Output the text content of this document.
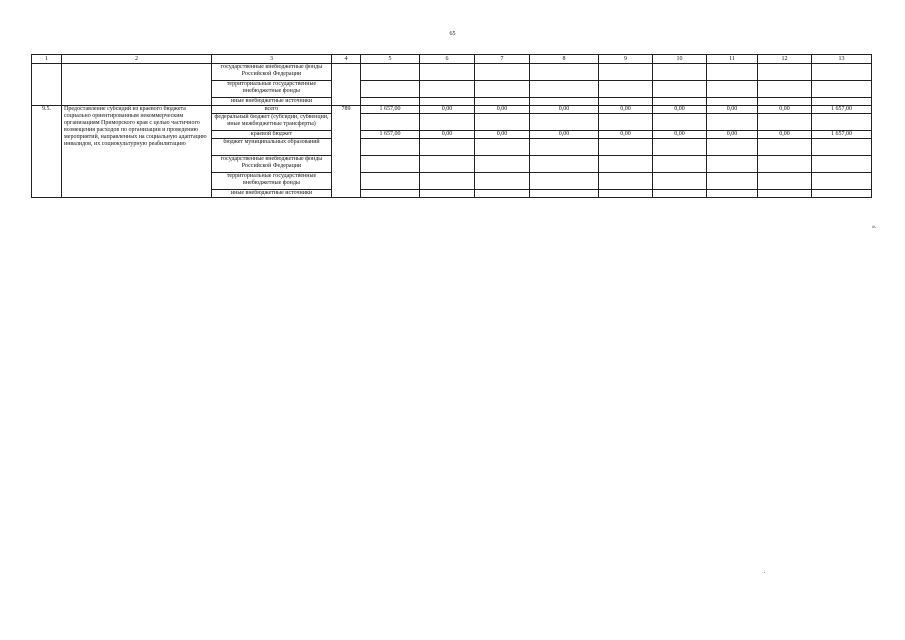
65
1	2	3	4	5	6	7	8	9	10	11	12	13
		государственные внебюджетные фонды Российской Федерации										
		территориальные государственные внебюджетные фонды										
		иные внебюджетные источники										
9.5.	Предоставление субсидий из краевого бюджета социально ориентированным некоммерческим организациям Приморского края с целью частичного возмещения расходов по организации и проведению мероприятий, направленных на социальную адаптацию инвалидов, их социокультурную реабилитацию	всего	789	1 657,00	0,00	0,00	0,00	0,00	0,00	0,00	0,00	1 657,00
		федеральный бюджет (субсидии, субвенции, иные межбюджетные трансферты)										
		краевой бюджет		1 657,00	0,00	0,00	0,00	0,00	0,00	0,00	0,00	1 657,00
		бюджет муниципальных образований										
		государственные внебюджетные фонды Российской Федерации										
		территориальные государственные внебюджетные фонды										
		иные внебюджетные источники										
».
